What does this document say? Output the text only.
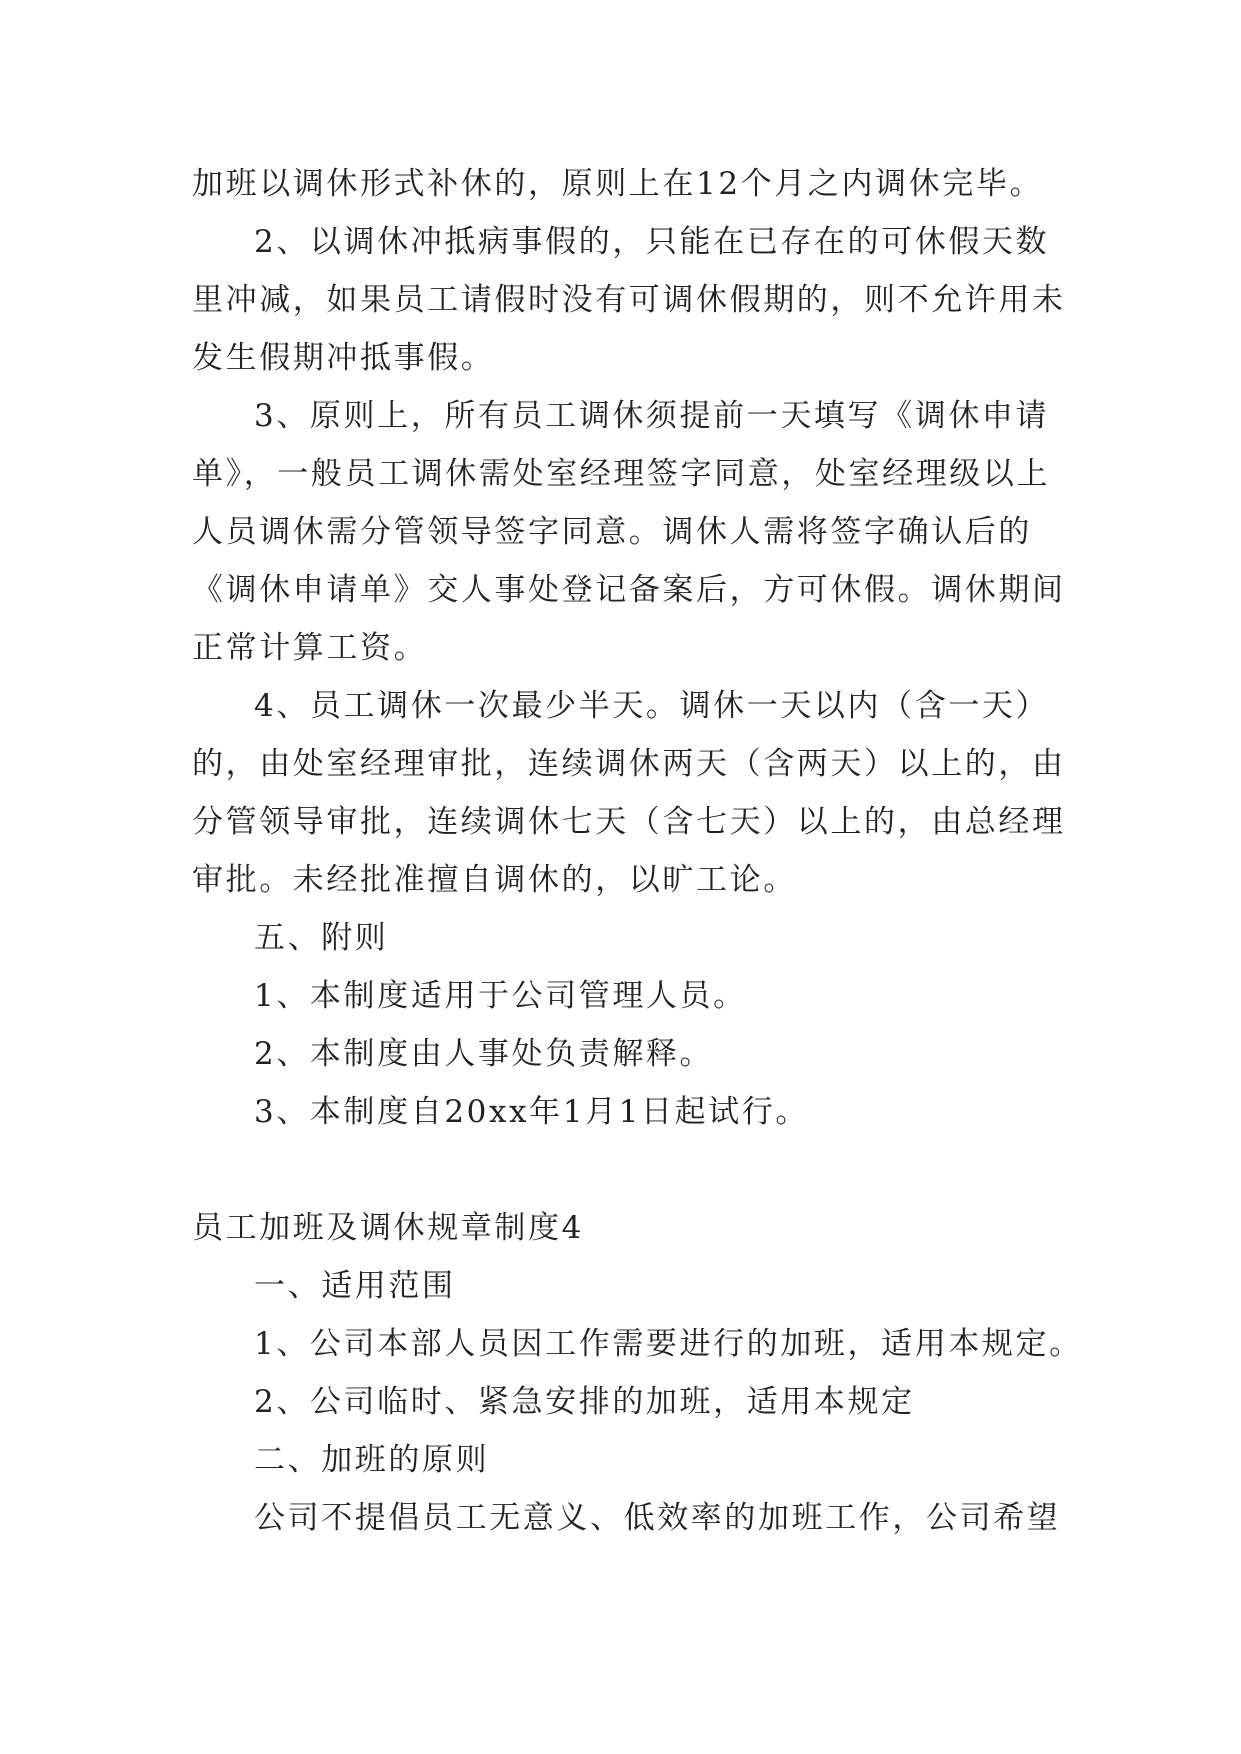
加班以调休形式补休的，原则上在12个月之内调休完毕。
2、以调休冲抵病事假的，只能在已存在的可休假天数
里冲减，如果员工请假时没有可调休假期的，则不允许用未
发生假期冲抵事假。
3、原则上，所有员工调休须提前一天填写《调休申请
单》，一般员工调休需处室经理签字同意，处室经理级以上
人员调休需分管领导签字同意。调休人需将签字确认后的
《调休申请单》交人事处登记备案后，方可休假。调休期间
正常计算工资。
4、员工调休一次最少半天。调休一天以内（含一天）
的，由处室经理审批，连续调休两天（含两天）以上的，由
分管领导审批，连续调休七天（含七天）以上的，由总经理
审批。未经批准擅自调休的，以旷工论。
五、附则
1、本制度适用于公司管理人员。
2、本制度由人事处负责解释。
3、本制度自20xx年1月1日起试行。
员工加班及调休规章制度4
一、适用范围
1、公司本部人员因工作需要进行的加班，适用本规定。
2、公司临时、紧急安排的加班，适用本规定
二、加班的原则
公司不提倡员工无意义、低效率的加班工作，公司希望
